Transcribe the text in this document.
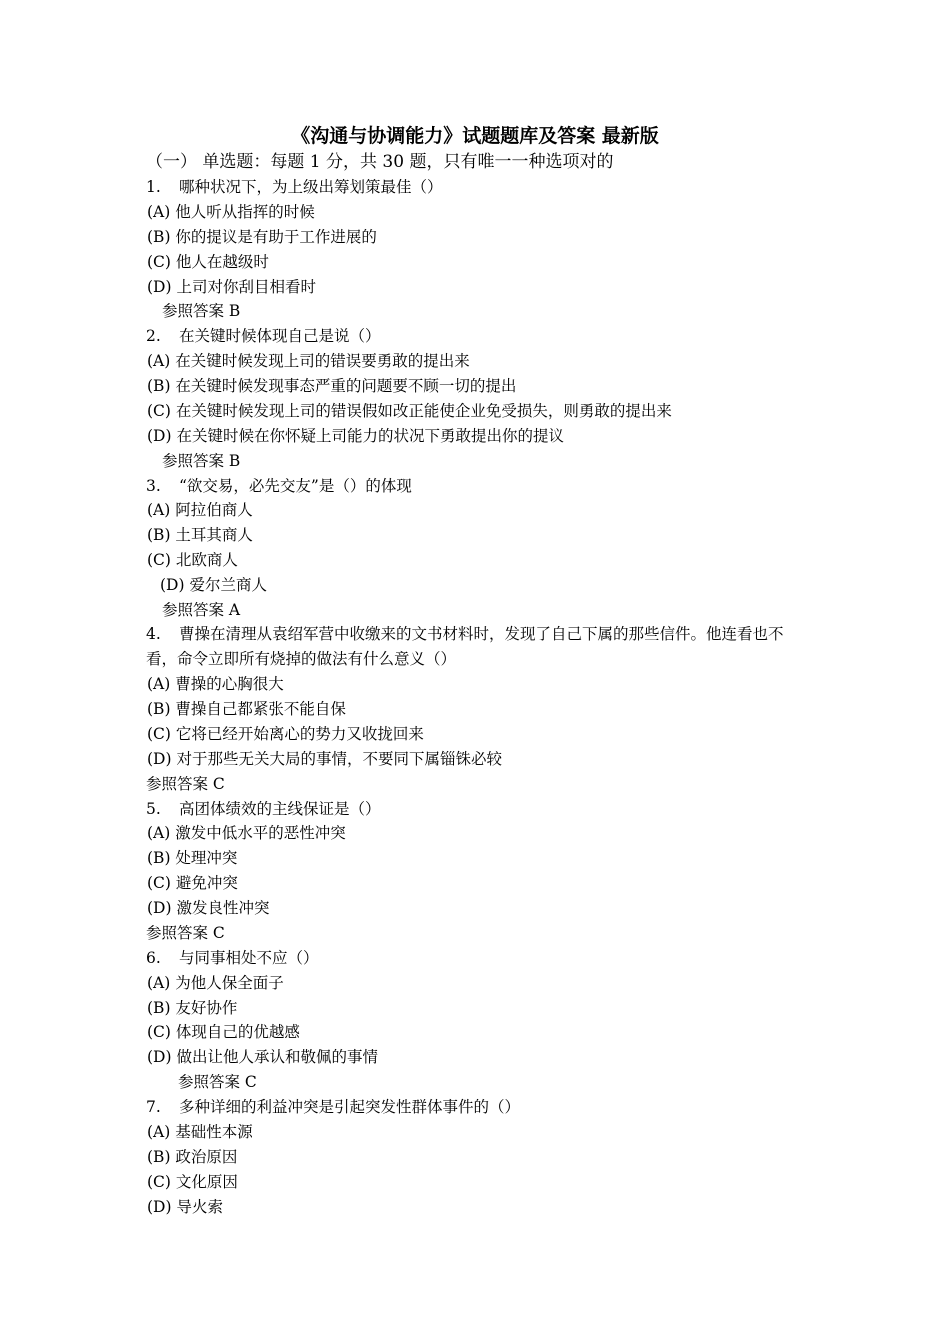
《沟通与协调能力》试题题库及答案 最新版
（一） 单选题：每题 1 分，共 30 题，只有唯一一种选项对的
1. 哪种状况下，为上级出筹划策最佳（）
(A) 他人听从指挥的时候
(B) 你的提议是有助于工作进展的
(C) 他人在越级时
(D) 上司对你刮目相看时
参照答案 B
2. 在关键时候体现自己是说（）
(A) 在关键时候发现上司的错误要勇敢的提出来
(B) 在关键时候发现事态严重的问题要不顾一切的提出
(C) 在关键时候发现上司的错误假如改正能使企业免受损失，则勇敢的提出来
(D) 在关键时候在你怀疑上司能力的状况下勇敢提出你的提议
参照答案 B
3. “欲交易，必先交友”是（）的体现
(A) 阿拉伯商人
(B) 土耳其商人
(C) 北欧商人
(D) 爱尔兰商人
参照答案 A
4. 曹操在清理从袁绍军营中收缴来的文书材料时，发现了自己下属的那些信件。他连看也不看，命令立即所有烧掉的做法有什么意义（）
(A) 曹操的心胸很大
(B) 曹操自己都紧张不能自保
(C) 它将已经开始离心的势力又收拢回来
(D) 对于那些无关大局的事情，不要同下属锱铢必较
参照答案 C
5. 高团体绩效的主线保证是（）
(A) 激发中低水平的恶性冲突
(B) 处理冲突
(C) 避免冲突
(D) 激发良性冲突
参照答案 C
6. 与同事相处不应（）
(A) 为他人保全面子
(B) 友好协作
(C) 体现自己的优越感
(D) 做出让他人承认和敬佩的事情
参照答案 C
7. 多种详细的利益冲突是引起突发性群体事件的（）
(A) 基础性本源
(B) 政治原因
(C) 文化原因
(D) 导火索
